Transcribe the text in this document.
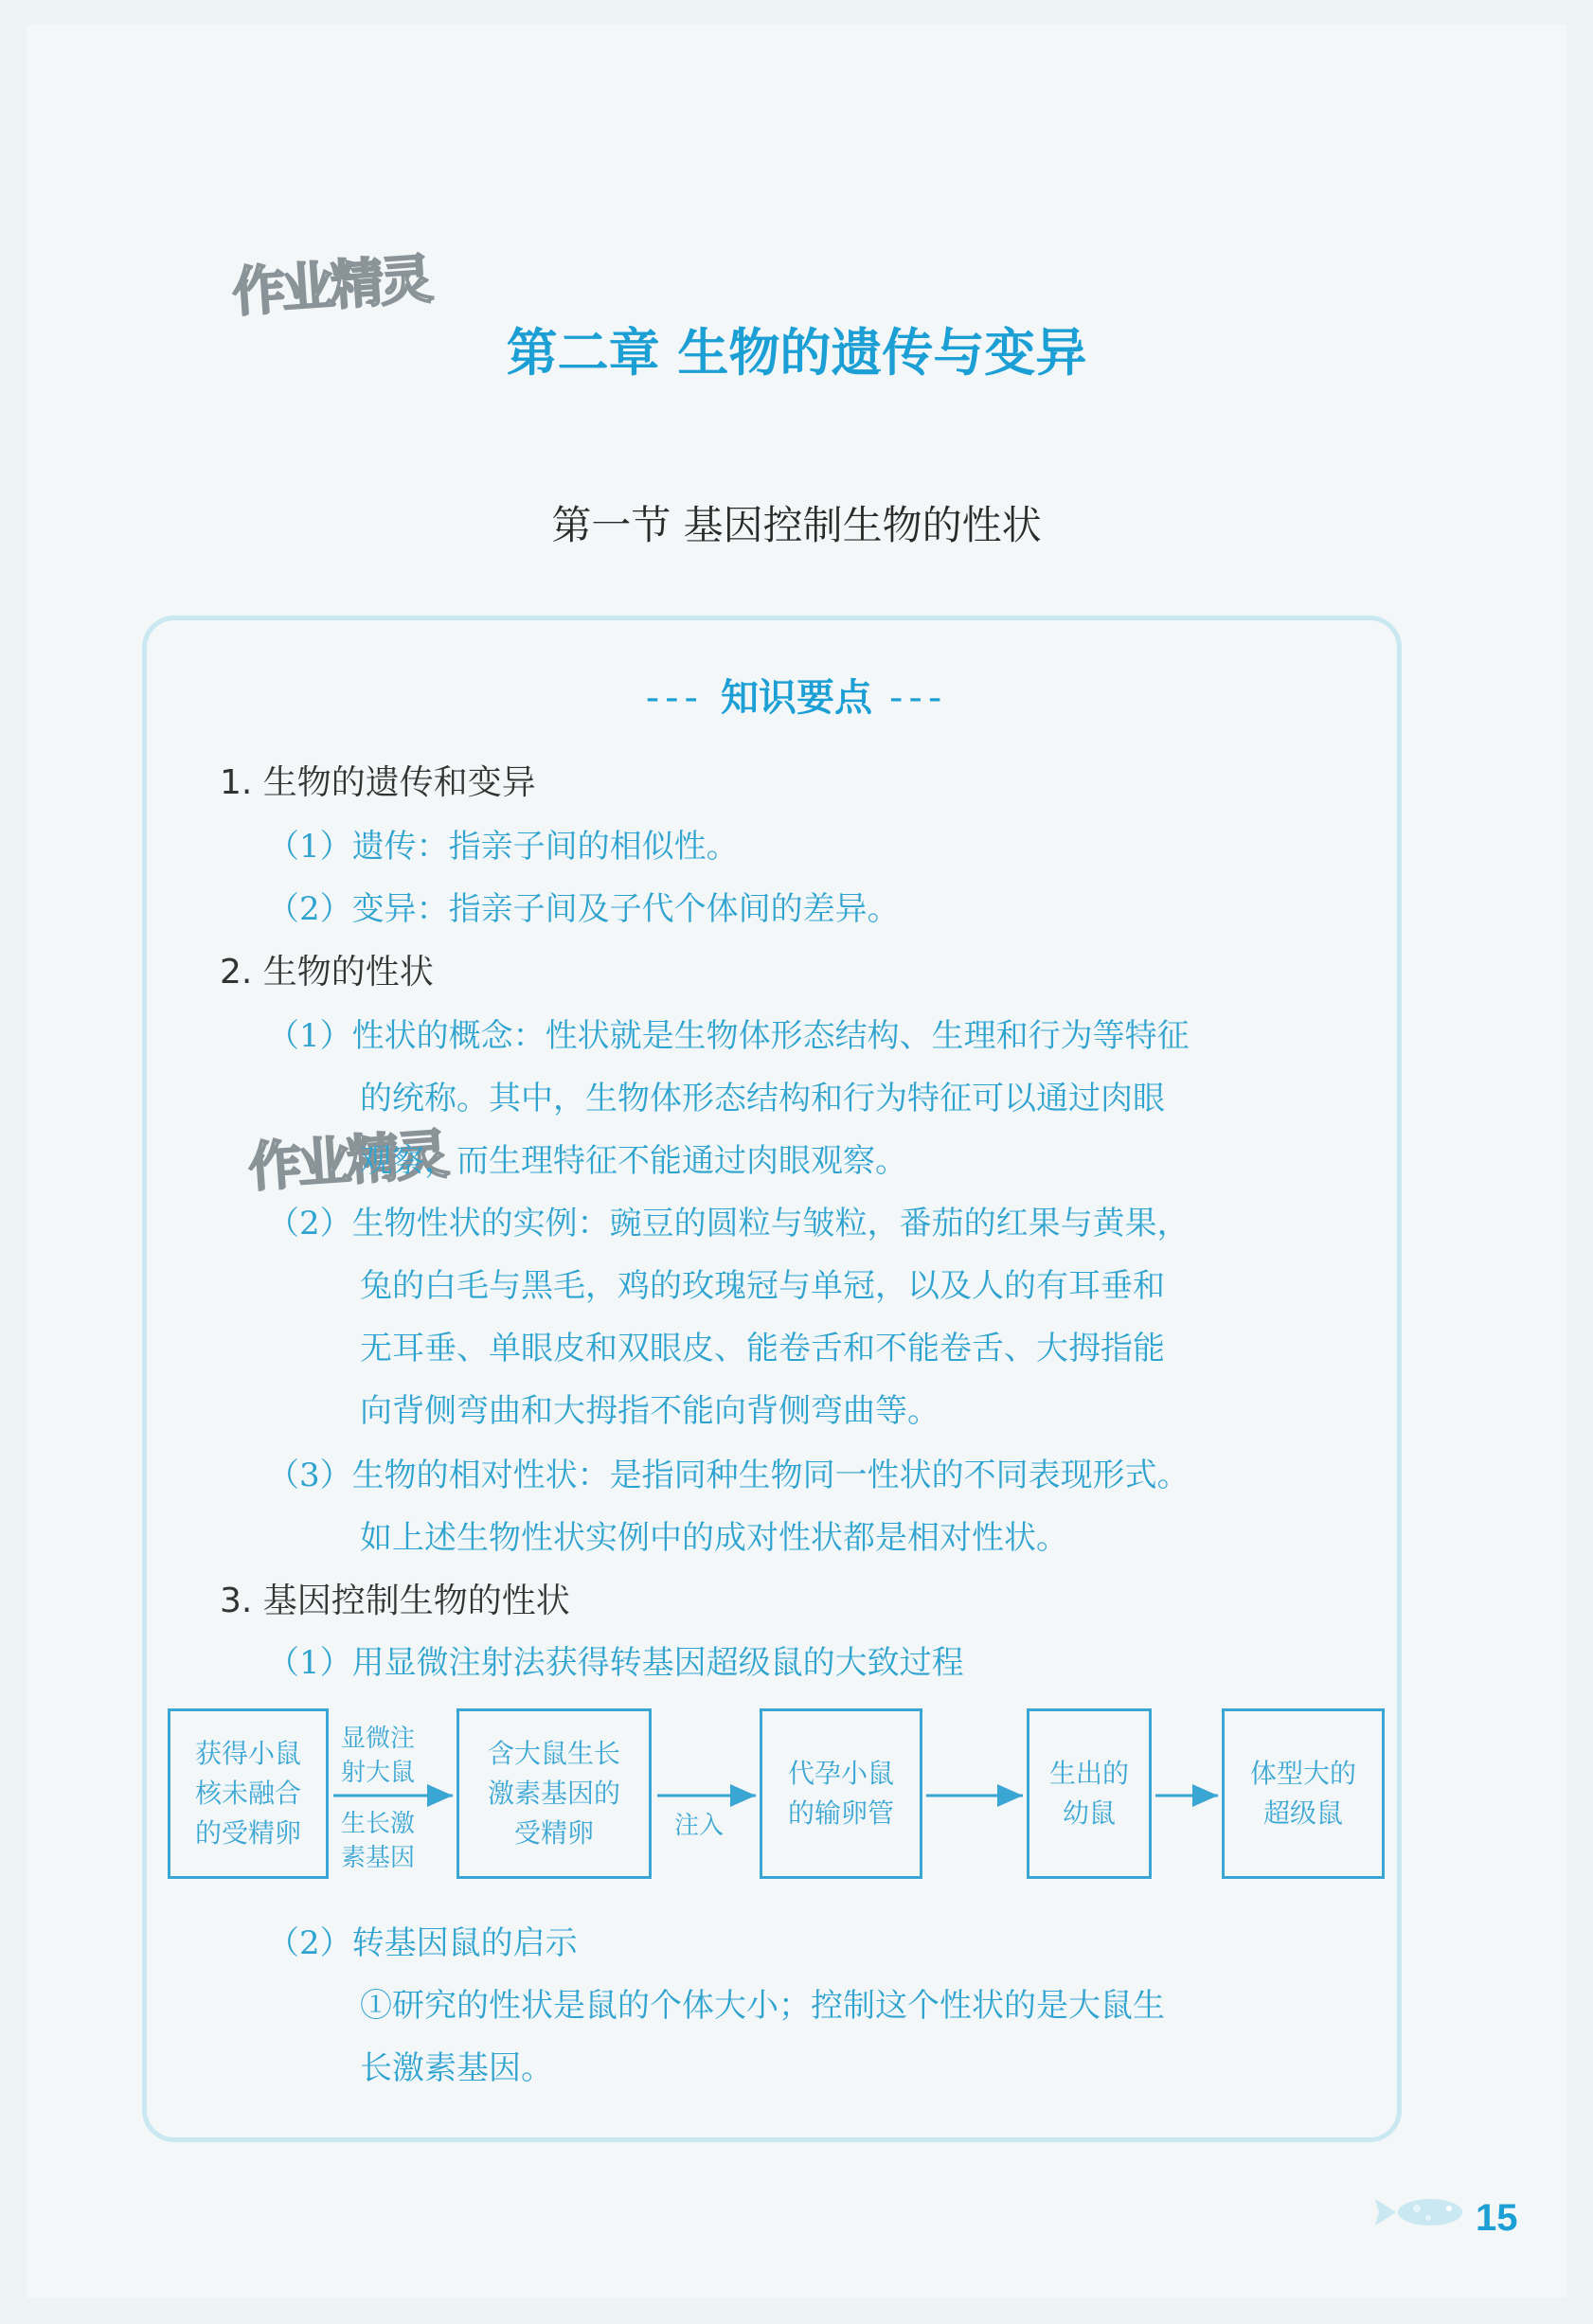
作业精灵
作业精灵
第二章 生物的遗传与变异
第一节 基因控制生物的性状
--- 知识要点 ---
1. 生物的遗传和变异
（1）遗传：指亲子间的相似性。
（2）变异：指亲子间及子代个体间的差异。
2. 生物的性状
（1）性状的概念：性状就是生物体形态结构、生理和行为等特征
的统称。其中，生物体形态结构和行为特征可以通过肉眼
观察，而生理特征不能通过肉眼观察。
（2）生物性状的实例：豌豆的圆粒与皱粒，番茄的红果与黄果，
兔的白毛与黑毛，鸡的玫瑰冠与单冠，以及人的有耳垂和
无耳垂、单眼皮和双眼皮、能卷舌和不能卷舌、大拇指能
向背侧弯曲和大拇指不能向背侧弯曲等。
（3）生物的相对性状：是指同种生物同一性状的不同表现形式。
如上述生物性状实例中的成对性状都是相对性状。
3. 基因控制生物的性状
（1）用显微注射法获得转基因超级鼠的大致过程
获得小鼠
核未融合
的受精卵
显微注
射大鼠
生长激
素基因
含大鼠生长
激素基因的
受精卵	注入
代孕小鼠
的输卵管
生出的
幼鼠
体型大的
超级鼠
（2）转基因鼠的启示
①研究的性状是鼠的个体大小；控制这个性状的是大鼠生
长激素基因。
15
